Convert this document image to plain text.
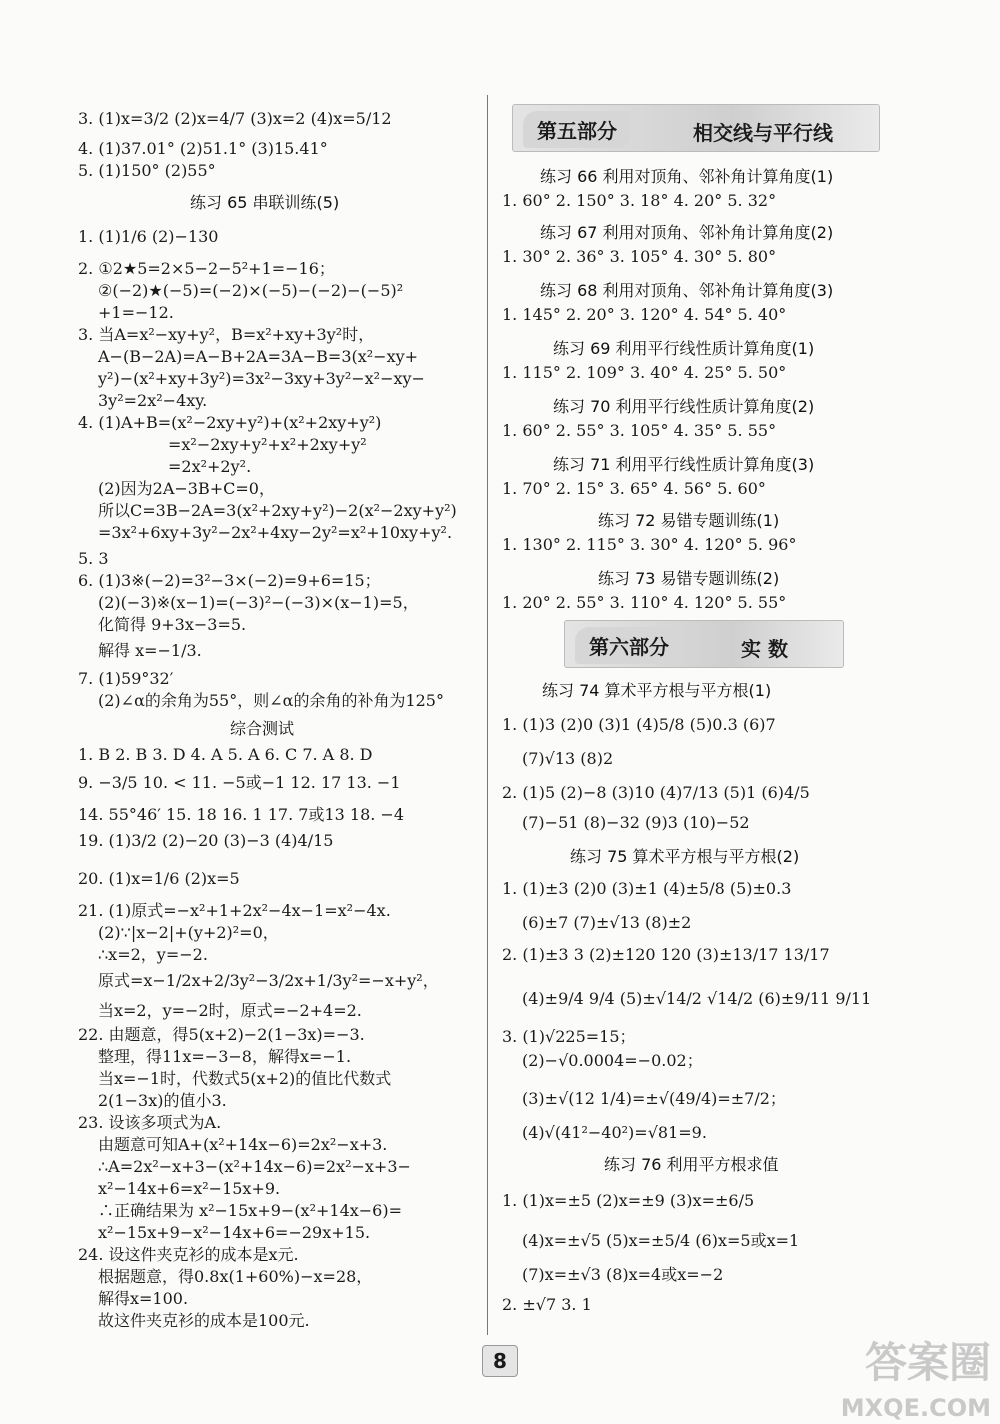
3. (1)x=3/2 (2)x=4/7 (3)x=2 (4)x=5/12
4. (1)37.01° (2)51.1° (3)15.41°
5. (1)150° (2)55°
练习 65 串联训练(5)
1. (1)1/6 (2)−130
2. ①2★5=2×5−2−5²+1=−16；
②(−2)★(−5)=(−2)×(−5)−(−2)−(−5)²
+1=−12.
3. 当A=x²−xy+y²，B=x²+xy+3y²时，
A−(B−2A)=A−B+2A=3A−B=3(x²−xy+
y²)−(x²+xy+3y²)=3x²−3xy+3y²−x²−xy−
3y²=2x²−4xy.
4. (1)A+B=(x²−2xy+y²)+(x²+2xy+y²)
=x²−2xy+y²+x²+2xy+y²
=2x²+2y².
(2)因为2A−3B+C=0，
所以C=3B−2A=3(x²+2xy+y²)−2(x²−2xy+y²)
=3x²+6xy+3y²−2x²+4xy−2y²=x²+10xy+y².
5. 3
6. (1)3※(−2)=3²−3×(−2)=9+6=15；
(2)(−3)※(x−1)=(−3)²−(−3)×(x−1)=5，
化简得 9+3x−3=5.
解得 x=−1/3.
7. (1)59°32′
(2)∠α的余角为55°，则∠α的余角的补角为125°
综合测试
1. B 2. B 3. D 4. A 5. A 6. C 7. A 8. D
9. −3/5 10. < 11. −5或−1 12. 17 13. −1
14. 55°46′ 15. 18 16. 1 17. 7或13 18. −4
19. (1)3/2 (2)−20 (3)−3 (4)4/15
20. (1)x=1/6 (2)x=5
21. (1)原式=−x²+1+2x²−4x−1=x²−4x.
(2)∵|x−2|+(y+2)²=0，
∴x=2，y=−2.
原式=x−1/2x+2/3y²−3/2x+1/3y²=−x+y²，
当x=2，y=−2时，原式=−2+4=2.
22. 由题意，得5(x+2)−2(1−3x)=−3.
整理，得11x=−3−8，解得x=−1.
当x=−1时，代数式5(x+2)的值比代数式
2(1−3x)的值小3.
23. 设该多项式为A.
由题意可知A+(x²+14x−6)=2x²−x+3.
∴A=2x²−x+3−(x²+14x−6)=2x²−x+3−
x²−14x+6=x²−15x+9.
∴正确结果为 x²−15x+9−(x²+14x−6)=
x²−15x+9−x²−14x+6=−29x+15.
24. 设这件夹克衫的成本是x元.
根据题意，得0.8x(1+60%)−x=28，
解得x=100.
故这件夹克衫的成本是100元.
第五部分	相交线与平行线
练习 66 利用对顶角、邻补角计算角度(1)
1. 60° 2. 150° 3. 18° 4. 20° 5. 32°
练习 67 利用对顶角、邻补角计算角度(2)
1. 30° 2. 36° 3. 105° 4. 30° 5. 80°
练习 68 利用对顶角、邻补角计算角度(3)
1. 145° 2. 20° 3. 120° 4. 54° 5. 40°
练习 69 利用平行线性质计算角度(1)
1. 115° 2. 109° 3. 40° 4. 25° 5. 50°
练习 70 利用平行线性质计算角度(2)
1. 60° 2. 55° 3. 105° 4. 35° 5. 55°
练习 71 利用平行线性质计算角度(3)
1. 70° 2. 15° 3. 65° 4. 56° 5. 60°
练习 72 易错专题训练(1)
1. 130° 2. 115° 3. 30° 4. 120° 5. 96°
练习 73 易错专题训练(2)
1. 20° 2. 55° 3. 110° 4. 120° 5. 55°
第六部分	实 数
练习 74 算术平方根与平方根(1)
1. (1)3 (2)0 (3)1 (4)5/8 (5)0.3 (6)7
(7)√13 (8)2
2. (1)5 (2)−8 (3)10 (4)7/13 (5)1 (6)4/5
(7)−51 (8)−32 (9)3 (10)−52
练习 75 算术平方根与平方根(2)
1. (1)±3 (2)0 (3)±1 (4)±5/8 (5)±0.3
(6)±7 (7)±√13 (8)±2
2. (1)±3 3 (2)±120 120 (3)±13/17 13/17
(4)±9/4 9/4 (5)±√14/2 √14/2 (6)±9/11 9/11
3. (1)√225=15；
(2)−√0.0004=−0.02；
(3)±√(12 1/4)=±√(49/4)=±7/2；
(4)√(41²−40²)=√81=9.
练习 76 利用平方根求值
1. (1)x=±5 (2)x=±9 (3)x=±6/5
(4)x=±√5 (5)x=±5/4 (6)x=5或x=1
(7)x=±√3 (8)x=4或x=−2
2. ±√7 3. 1
8	答案圈
MXQE.COM
